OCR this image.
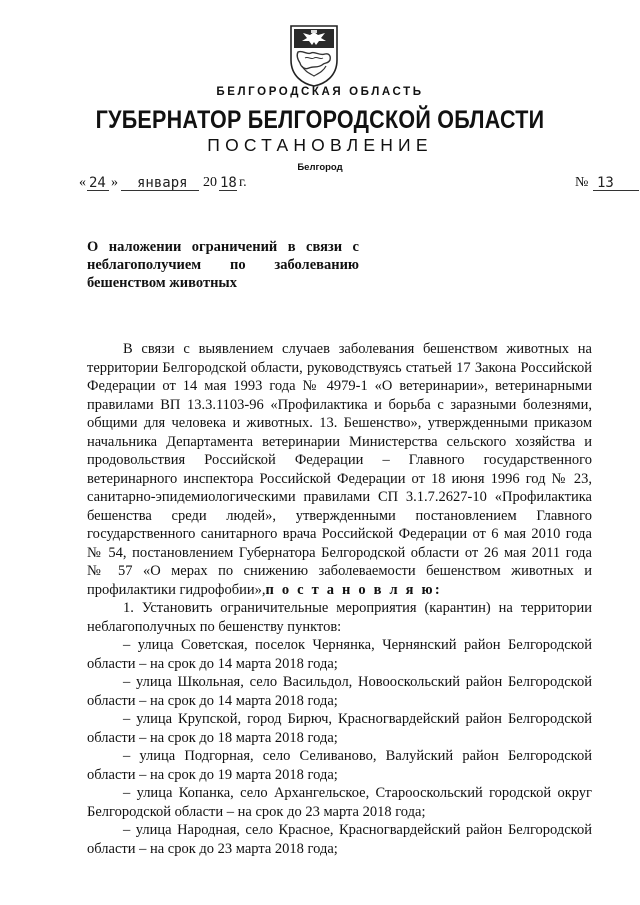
БЕЛГОРОДСКАЯ ОБЛАСТЬ
ГУБЕРНАТОР БЕЛГОРОДСКОЙ ОБЛАСТИ
ПОСТАНОВЛЕНИЕ
Белгород
« 24 » января 20 18 г.	№ 13
О наложении ограничений в связи с
неблагополучием по заболеванию
бешенством животных

В связи с выявлением случаев заболевания бешенством животных на

территории Белгородской области, руководствуясь статьей 17 Закона Российской

Федерации от 14 мая 1993 года № 4979-1 «О ветеринарии», ветеринарными

правилами ВП 13.3.1103-96 «Профилактика и борьба с заразными болезнями,

общими для человека и животных. 13. Бешенство», утвержденными приказом

начальника Департамента ветеринарии Министерства сельского хозяйства и

продовольствия Российской Федерации – Главного государственного

ветеринарного инспектора Российской Федерации от 18 июня 1996 год № 23,

санитарно-эпидемиологическими правилами СП 3.1.7.2627-10 «Профилактика

бешенства среди людей», утвержденными постановлением Главного

государственного санитарного врача Российской Федерации от 6 мая 2010 года

№ 54, постановлением Губернатора Белгородской области от 26 мая 2011 года

№ 57 «О мерах по снижению заболеваемости бешенством животных и

профилактики гидрофобии»,п о с т а н о в л я ю:

1. Установить ограничительные мероприятия (карантин) на территории

неблагополучных по бешенству пунктов:

– улица Советская, поселок Чернянка, Чернянский район Белгородской

области – на срок до 14 марта 2018 года;

– улица Школьная, село Васильдол, Новооскольский район Белгородской

области – на срок до 14 марта 2018 года;

– улица Крупской, город Бирюч, Красногвардейский район Белгородской

области – на срок до 18 марта 2018 года;

– улица Подгорная, село Селиваново, Валуйский район Белгородской

области – на срок до 19 марта 2018 года;

– улица Копанка, село Архангельское, Старооскольский городской округ

Белгородской области – на срок до 23 марта 2018 года;

– улица Народная, село Красное, Красногвардейский район Белгородской

области – на срок до 23 марта 2018 года;
